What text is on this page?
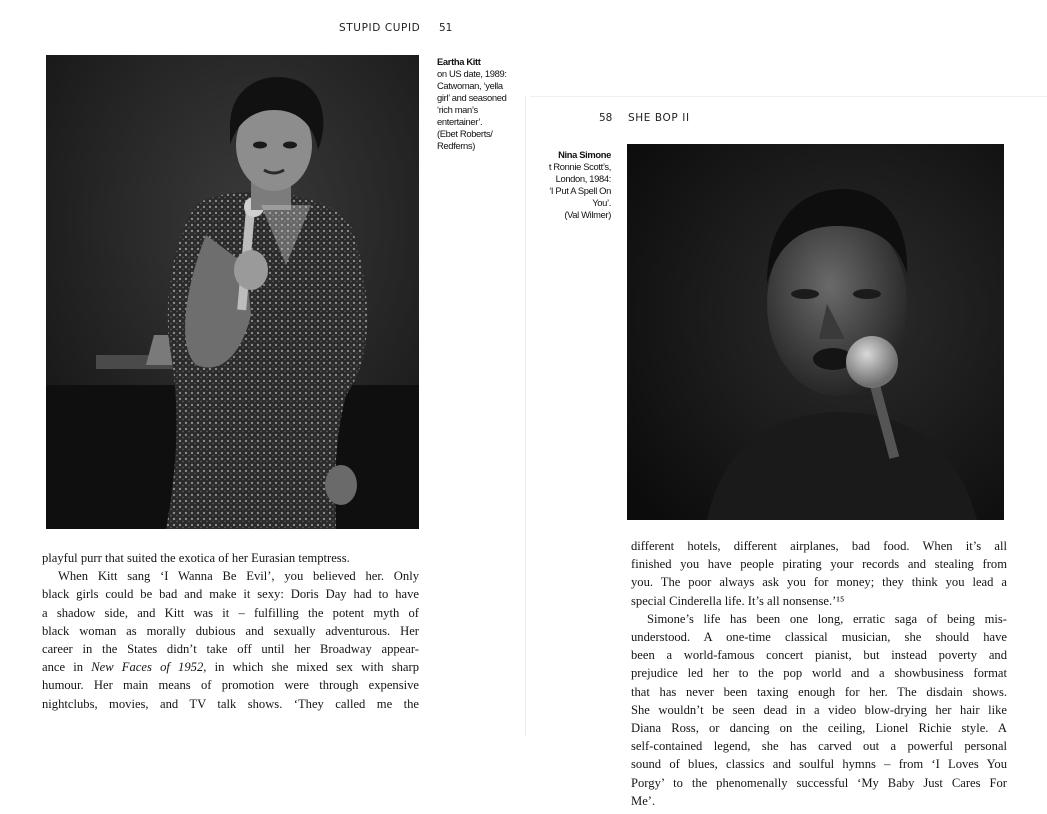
STUPID CUPID 51
Eartha Kitt
on US date, 1989:
Catwoman, ‘yella
girl’ and seasoned
‘rich man’s
entertainer’.
(Ebet Roberts/
Redferns)
playful purr that suited the exotica of her Eurasian temptress.
When Kitt sang ‘I Wanna Be Evil’, you believed her. Only
black girls could be bad and make it sexy: Doris Day had to have
a shadow side, and Kitt was it – fulfilling the potent myth of
black woman as morally dubious and sexually adventurous. Her
career in the States didn’t take off until her Broadway appear-
ance in New Faces of 1952, in which she mixed sex with sharp
humour. Her main means of promotion were through expensive
nightclubs, movies, and TV talk shows. ‘They called me the
58 SHE BOP II
Nina Simone
t Ronnie Scott’s,
London, 1984:
‘I Put A Spell On
You’.
(Val Wilmer)
different hotels, different airplanes, bad food. When it’s all
finished you have people pirating your records and stealing from
you. The poor always ask you for money; they think you lead a
special Cinderella life. It’s all nonsense.’¹⁵
Simone’s life has been one long, erratic saga of being mis-
understood. A one-time classical musician, she should have
been a world-famous concert pianist, but instead poverty and
prejudice led her to the pop world and a showbusiness format
that has never been taxing enough for her. The disdain shows.
She wouldn’t be seen dead in a video blow-drying her hair like
Diana Ross, or dancing on the ceiling, Lionel Richie style. A
self-contained legend, she has carved out a powerful personal
sound of blues, classics and soulful hymns – from ‘I Loves You
Porgy’ to the phenomenally successful ‘My Baby Just Cares For
Me’.
